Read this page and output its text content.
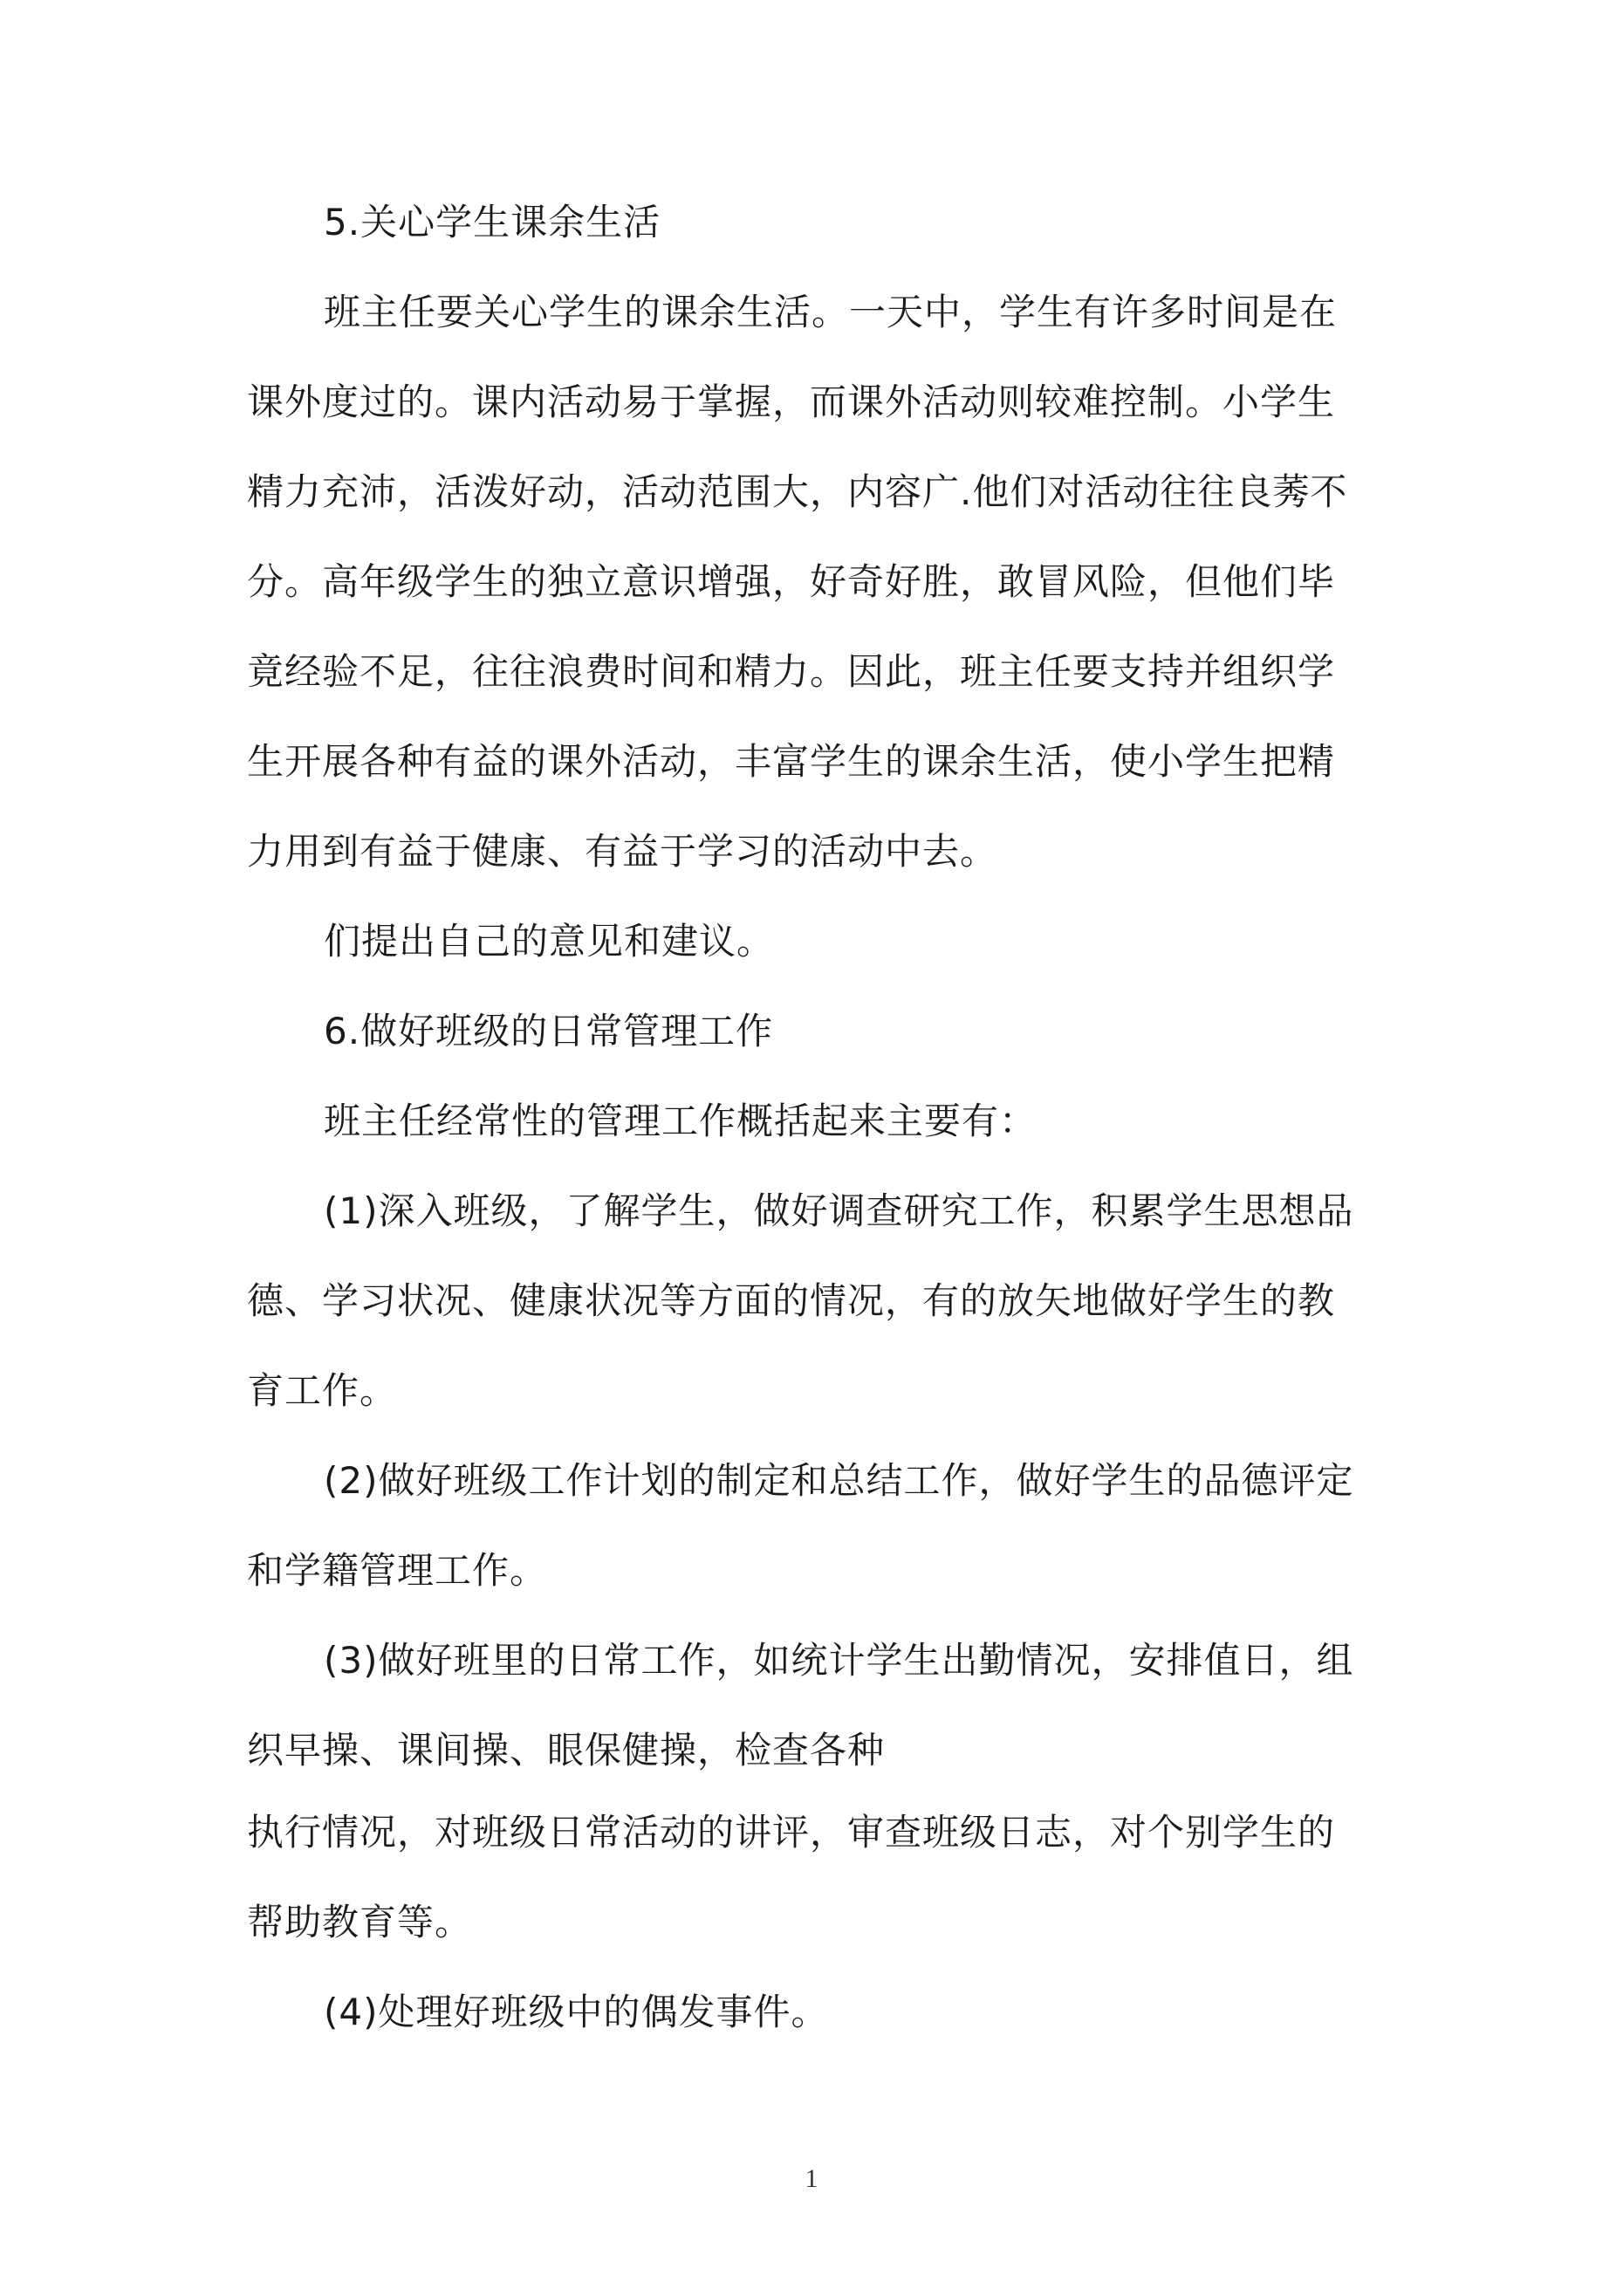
5.关心学生课余生活
班主任要关心学生的课余生活。一天中，学生有许多时间是在
课外度过的。课内活动易于掌握，而课外活动则较难控制。小学生
精力充沛，活泼好动，活动范围大，内容广.他们对活动往往良莠不
分。高年级学生的独立意识增强，好奇好胜，敢冒风险，但他们毕
竟经验不足，往往浪费时间和精力。因此，班主任要支持并组织学
生开展各种有益的课外活动，丰富学生的课余生活，使小学生把精
力用到有益于健康、有益于学习的活动中去。
们提出自己的意见和建议。
6.做好班级的日常管理工作
班主任经常性的管理工作概括起来主要有：
(1)深入班级，了解学生，做好调查研究工作，积累学生思想品
德、学习状况、健康状况等方面的情况，有的放矢地做好学生的教
育工作。
(2)做好班级工作计划的制定和总结工作，做好学生的品德评定
和学籍管理工作。
(3)做好班里的日常工作，如统计学生出勤情况，安排值日，组
织早操、课间操、眼保健操，检查各种
执行情况，对班级日常活动的讲评，审查班级日志，对个别学生的
帮助教育等。
(4)处理好班级中的偶发事件。
1
